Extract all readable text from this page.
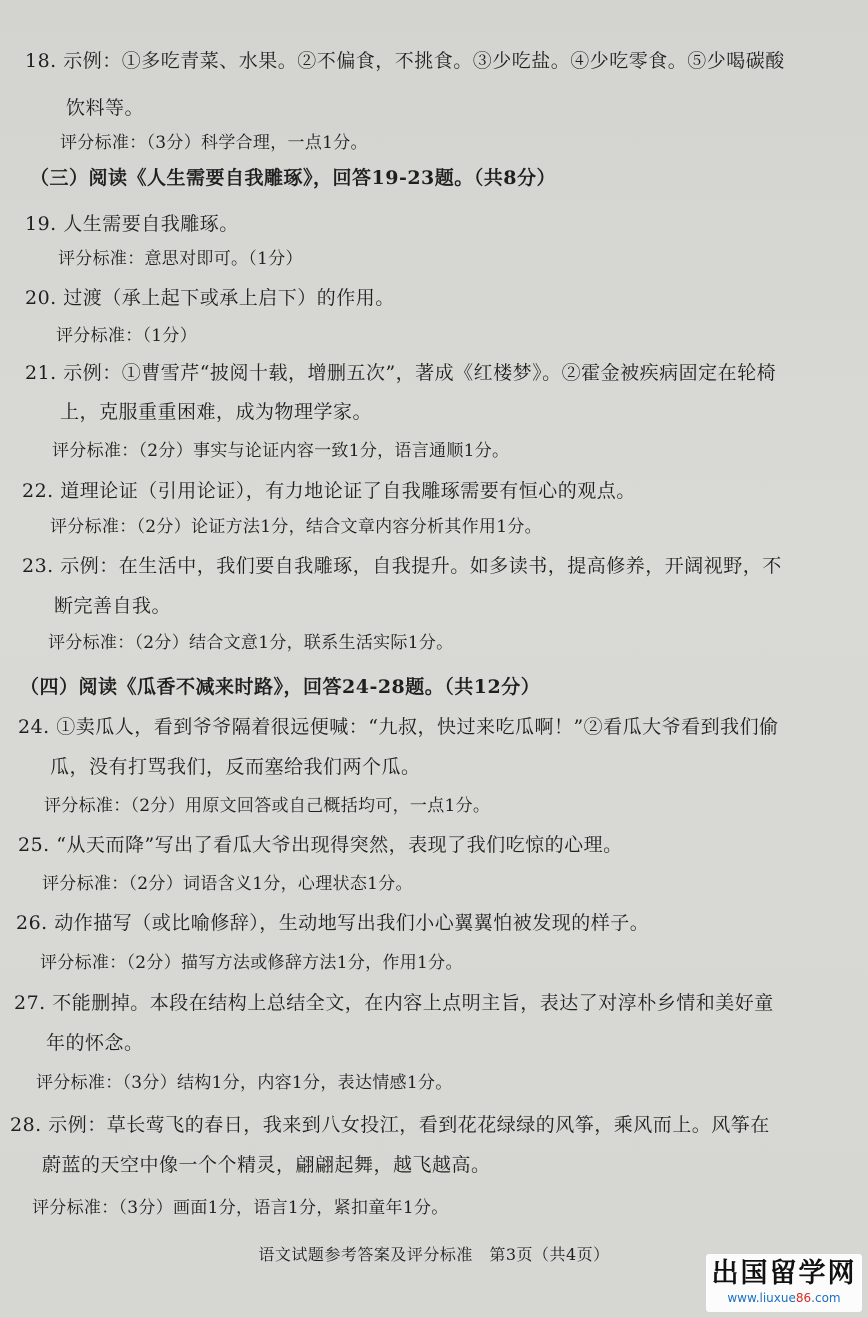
18. 示例：①多吃青菜、水果。②不偏食，不挑食。③少吃盐。④少吃零食。⑤少喝碳酸
饮料等。
评分标准：（3分）科学合理，一点1分。
（三）阅读《人生需要自我雕琢》，回答19-23题。（共8分）
19. 人生需要自我雕琢。
评分标准：意思对即可。（1分）
20. 过渡（承上起下或承上启下）的作用。
评分标准：（1分）
21. 示例：①曹雪芹“披阅十载，增删五次”，著成《红楼梦》。②霍金被疾病固定在轮椅
上，克服重重困难，成为物理学家。
评分标准：（2分）事实与论证内容一致1分，语言通顺1分。
22. 道理论证（引用论证），有力地论证了自我雕琢需要有恒心的观点。
评分标准：（2分）论证方法1分，结合文章内容分析其作用1分。
23. 示例：在生活中，我们要自我雕琢，自我提升。如多读书，提高修养，开阔视野，不
断完善自我。
评分标准：（2分）结合文意1分，联系生活实际1分。
（四）阅读《瓜香不减来时路》，回答24-28题。（共12分）
24. ①卖瓜人，看到爷爷隔着很远便喊：“九叔，快过来吃瓜啊！”②看瓜大爷看到我们偷
瓜，没有打骂我们，反而塞给我们两个瓜。
评分标准：（2分）用原文回答或自己概括均可，一点1分。
25. “从天而降”写出了看瓜大爷出现得突然，表现了我们吃惊的心理。
评分标准：（2分）词语含义1分，心理状态1分。
26. 动作描写（或比喻修辞），生动地写出我们小心翼翼怕被发现的样子。
评分标准：（2分）描写方法或修辞方法1分，作用1分。
27. 不能删掉。本段在结构上总结全文，在内容上点明主旨，表达了对淳朴乡情和美好童
年的怀念。
评分标准：（3分）结构1分，内容1分，表达情感1分。
28. 示例：草长莺飞的春日，我来到八女投江，看到花花绿绿的风筝，乘风而上。风筝在
蔚蓝的天空中像一个个精灵，翩翩起舞，越飞越高。
评分标准：（3分）画面1分，语言1分，紧扣童年1分。
语文试题参考答案及评分标准　第3页（共4页）
出国留学网
www.liuxue86.com
